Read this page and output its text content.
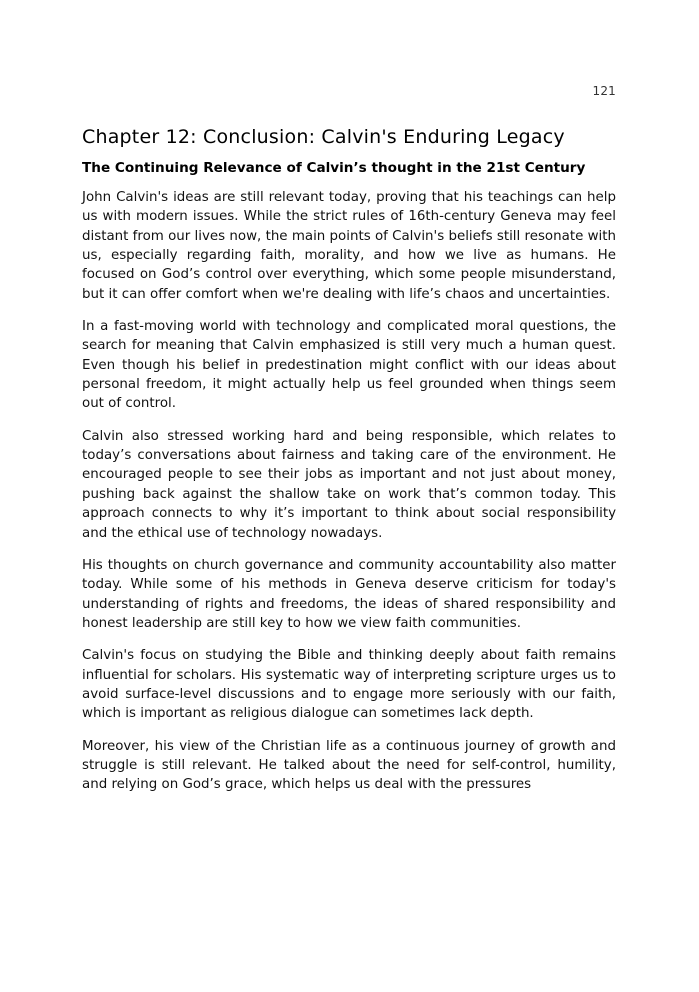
121
Chapter 12: Conclusion: Calvin's Enduring Legacy
The Continuing Relevance of Calvin’s thought in the 21st Century

John Calvin's ideas are still relevant today, proving that his teachings can help us with modern issues. While the strict rules of 16th-century Geneva may feel distant from our lives now, the main points of Calvin's beliefs still resonate with us, especially regarding faith, morality, and how we live as humans. He focused on God’s control over everything, which some people misunderstand, but it can offer comfort when we're dealing with life’s chaos and uncertainties.

In a fast-moving world with technology and complicated moral questions, the search for meaning that Calvin emphasized is still very much a human quest. Even though his belief in predestination might conflict with our ideas about personal freedom, it might actually help us feel grounded when things seem out of control.

Calvin also stressed working hard and being responsible, which relates to today’s conversations about fairness and taking care of the environment. He encouraged people to see their jobs as important and not just about money, pushing back against the shallow take on work that’s common today. This approach connects to why it’s important to think about social responsibility and the ethical use of technology nowadays.

His thoughts on church governance and community accountability also matter today. While some of his methods in Geneva deserve criticism for today's understanding of rights and freedoms, the ideas of shared responsibility and honest leadership are still key to how we view faith communities.

Calvin's focus on studying the Bible and thinking deeply about faith remains influential for scholars. His systematic way of interpreting scripture urges us to avoid surface-level discussions and to engage more seriously with our faith, which is important as religious dialogue can sometimes lack depth.

Moreover, his view of the Christian life as a continuous journey of growth and struggle is still relevant. He talked about the need for self-control, humility, and relying on God’s grace, which helps us deal with the pressures
